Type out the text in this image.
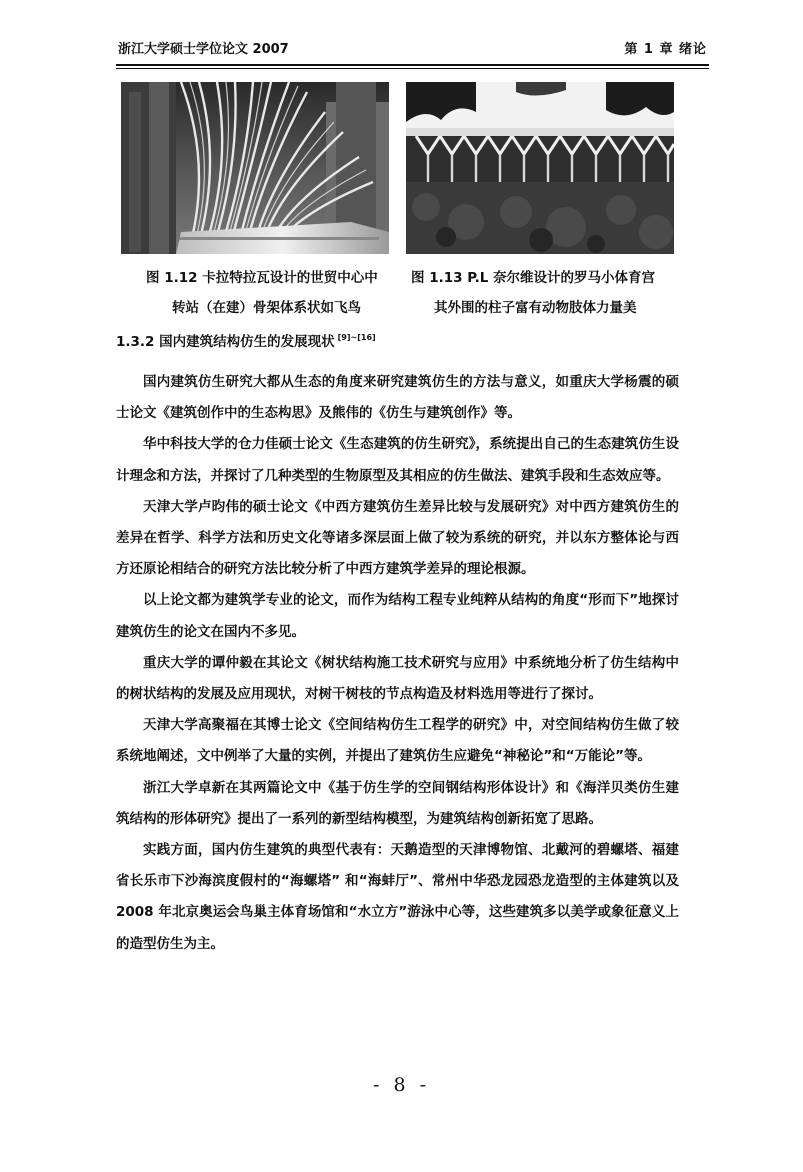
浙江大学硕士学位论文 2007	第 1 章 绪论
图 1.12 卡拉特拉瓦设计的世贸中心中
转站（在建）骨架体系状如飞鸟
图 1.13 P.L 奈尔维设计的罗马小体育宫
其外围的柱子富有动物肢体力量美
1.3.2 国内建筑结构仿生的发展现状 [9]~[16]

国内建筑仿生研究大都从生态的角度来研究建筑仿生的方法与意义，如重庆大学杨震的硕士论文《建筑创作中的生态构思》及熊伟的《仿生与建筑创作》等。

华中科技大学的仓力佳硕士论文《生态建筑的仿生研究》，系统提出自己的生态建筑仿生设计理念和方法，并探讨了几种类型的生物原型及其相应的仿生做法、建筑手段和生态效应等。

天津大学卢昀伟的硕士论文《中西方建筑仿生差异比较与发展研究》对中西方建筑仿生的差异在哲学、科学方法和历史文化等诸多深层面上做了较为系统的研究，并以东方整体论与西方还原论相结合的研究方法比较分析了中西方建筑学差异的理论根源。

以上论文都为建筑学专业的论文，而作为结构工程专业纯粹从结构的角度“形而下”地探讨建筑仿生的论文在国内不多见。

重庆大学的谭仲毅在其论文《树状结构施工技术研究与应用》中系统地分析了仿生结构中的树状结构的发展及应用现状，对树干树枝的节点构造及材料选用等进行了探讨。

天津大学高聚福在其博士论文《空间结构仿生工程学的研究》中，对空间结构仿生做了较系统地阐述，文中例举了大量的实例，并提出了建筑仿生应避免“神秘论”和“万能论”等。

浙江大学卓新在其两篇论文中《基于仿生学的空间钢结构形体设计》和《海洋贝类仿生建筑结构的形体研究》提出了一系列的新型结构模型，为建筑结构创新拓宽了思路。

实践方面，国内仿生建筑的典型代表有：天鹅造型的天津博物馆、北戴河的碧螺塔、福建省长乐市下沙海滨度假村的“海螺塔” 和“海蚌厅”、常州中华恐龙园恐龙造型的主体建筑以及 2008 年北京奥运会鸟巢主体育场馆和“水立方”游泳中心等，这些建筑多以美学或象征意义上的造型仿生为主。

- 8 -
